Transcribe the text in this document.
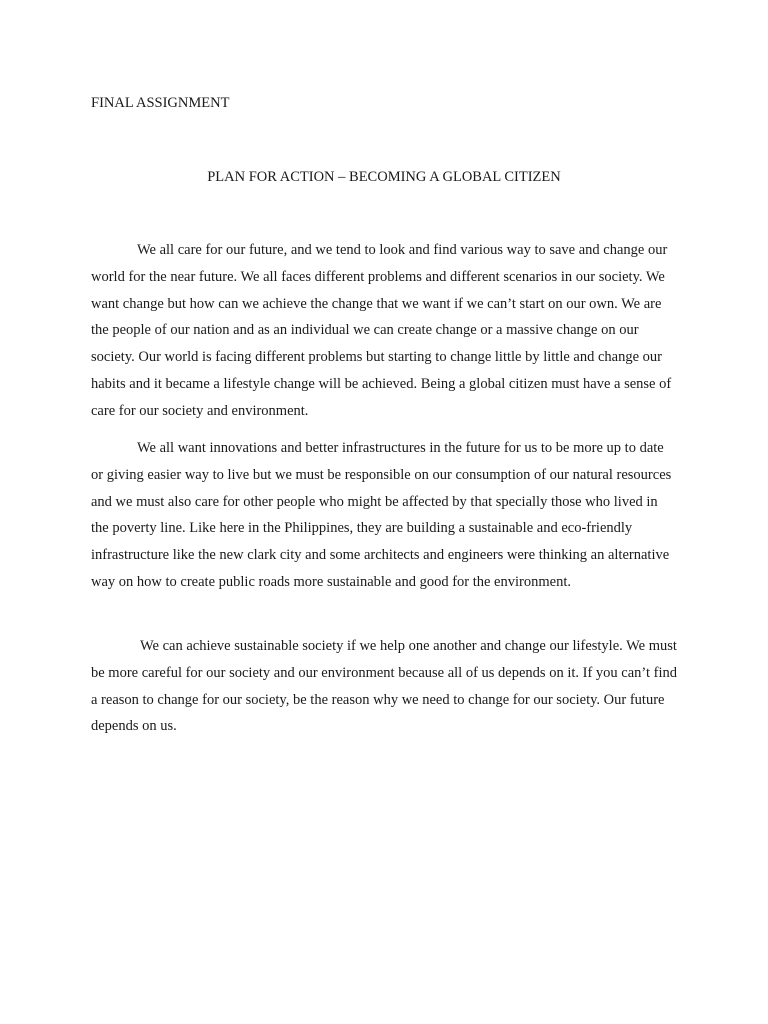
FINAL ASSIGNMENT

PLAN FOR ACTION – BECOMING A GLOBAL CITIZEN

We all care for our future, and we tend to look and find various way to save and change our world for the near future. We all faces different problems and different scenarios in our society. We want change but how can we achieve the change that we want if we can’t start on our own. We are the people of our nation and as an individual we can create change or a massive change on our society. Our world is facing different problems but starting to change little by little and change our habits and it became a lifestyle change will be achieved. Being a global citizen must have a sense of care for our society and environment.

We all want innovations and better infrastructures in the future for us to be more up to date or giving easier way to live but we must be responsible on our consumption of our natural resources and we must also care for other people who might be affected by that specially those who lived in the poverty line. Like here in the Philippines, they are building a sustainable and eco-friendly infrastructure like the new clark city and some architects and engineers were thinking an alternative way on how to create public roads more sustainable and good for the environment.

We can achieve sustainable society if we help one another and change our lifestyle. We must be more careful for our society and our environment because all of us depends on it. If you can’t find a reason to change for our society, be the reason why we need to change for our society. Our future depends on us.
